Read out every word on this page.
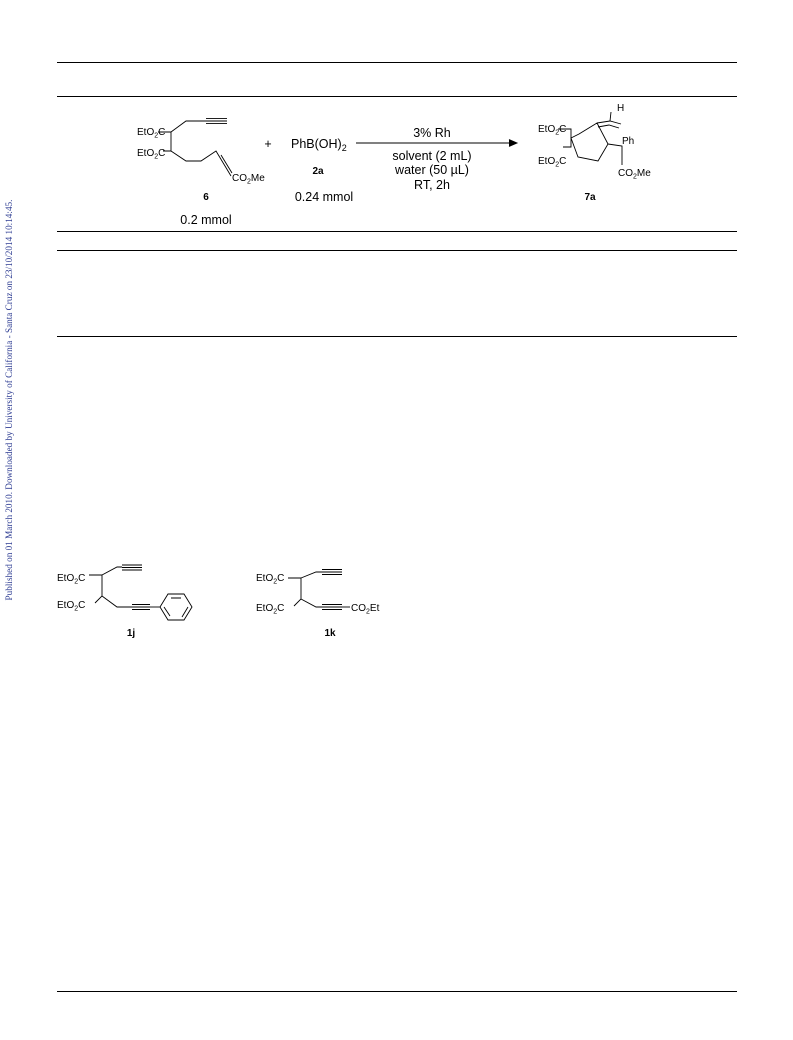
Published on 01 March 2010. Downloaded by University of California - Santa Cruz on 23/10/2014 10:14:45.
EtO$_2$C
EtO$_2$C
$CO_2Me$
6
0.2 mmol
+ $PhB(OH)_2$
2a
0.24 mmol
3% Rh
solvent (2 mL)
water (50 µL)
RT, 2h
H
Ph
EtO$_2$C
EtO$_2$C
$CO_2Me$
7a
EtO$_2$C
EtO$_2$C
1j
EtO$_2$C
EtO$_2$C	$CO_2Et$
1k
